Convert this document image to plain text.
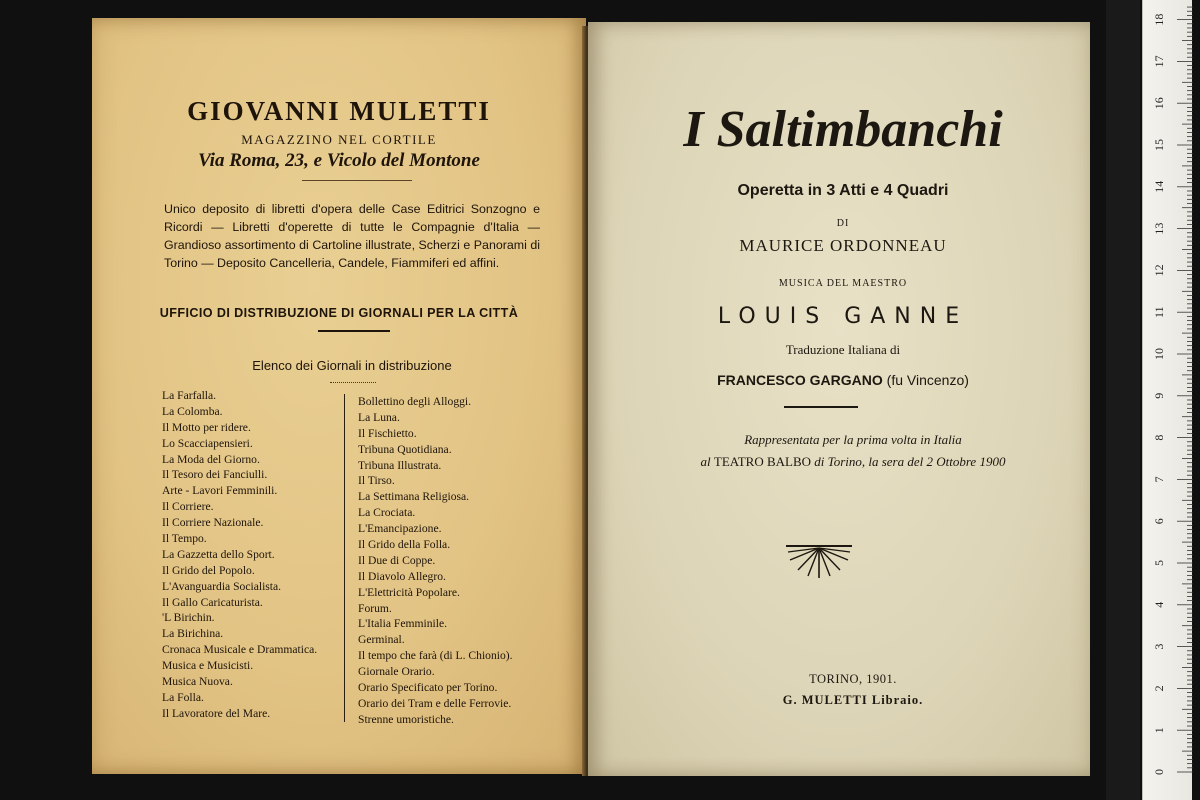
GIOVANNI MULETTI
MAGAZZINO NEL CORTILE
Via Roma, 23, e Vicolo del Montone
Unico deposito di libretti d'opera delle Case Editrici Sonzogno e Ricordi — Libretti d'operette di tutte le Compagnie d'Italia — Grandioso assortimento di Cartoline illustrate, Scherzi e Panorami di Torino — Deposito Cancelleria, Candele, Fiammiferi ed affini.
UFFICIO DI DISTRIBUZIONE DI GIORNALI PER LA CITTÀ
Elenco dei Giornali in distribuzione
La Farfalla.
La Colomba.
Il Motto per ridere.
Lo Scacciapensieri.
La Moda del Giorno.
Il Tesoro dei Fanciulli.
Arte - Lavori Femminili.
Il Corriere.
Il Corriere Nazionale.
Il Tempo.
La Gazzetta dello Sport.
Il Grido del Popolo.
L'Avanguardia Socialista.
Il Gallo Caricaturista.
'L Birichin.
La Birichina.
Cronaca Musicale e Drammatica.
Musica e Musicisti.
Musica Nuova.
La Folla.
Il Lavoratore del Mare.
Bollettino degli Alloggi.
La Luna.
Il Fischietto.
Tribuna Quotidiana.
Tribuna Illustrata.
Il Tirso.
La Settimana Religiosa.
La Crociata.
L'Emancipazione.
Il Grido della Folla.
Il Due di Coppe.
Il Diavolo Allegro.
L'Elettricità Popolare.
Forum.
L'Italia Femminile.
Germinal.
Il tempo che farà (di L. Chionio).
Giornale Orario.
Orario Specificato per Torino.
Orario dei Tram e delle Ferrovie.
Strenne umoristiche.
I Saltimbanchi
Operetta in 3 Atti e 4 Quadri
DI
MAURICE ORDONNEAU
MUSICA DEL MAESTRO
LOUIS GANNE
Traduzione Italiana di
FRANCESCO GARGANO (fu Vincenzo)
Rappresentata per la prima volta in Italia
al TEATRO BALBO di Torino, la sera del 2 Ottobre 1900
TORINO, 1901.
G. MULETTI Libraio.
0
1
2
3
4
5
6
7
8
9
10
11
12
13
14
15
16
17
18
